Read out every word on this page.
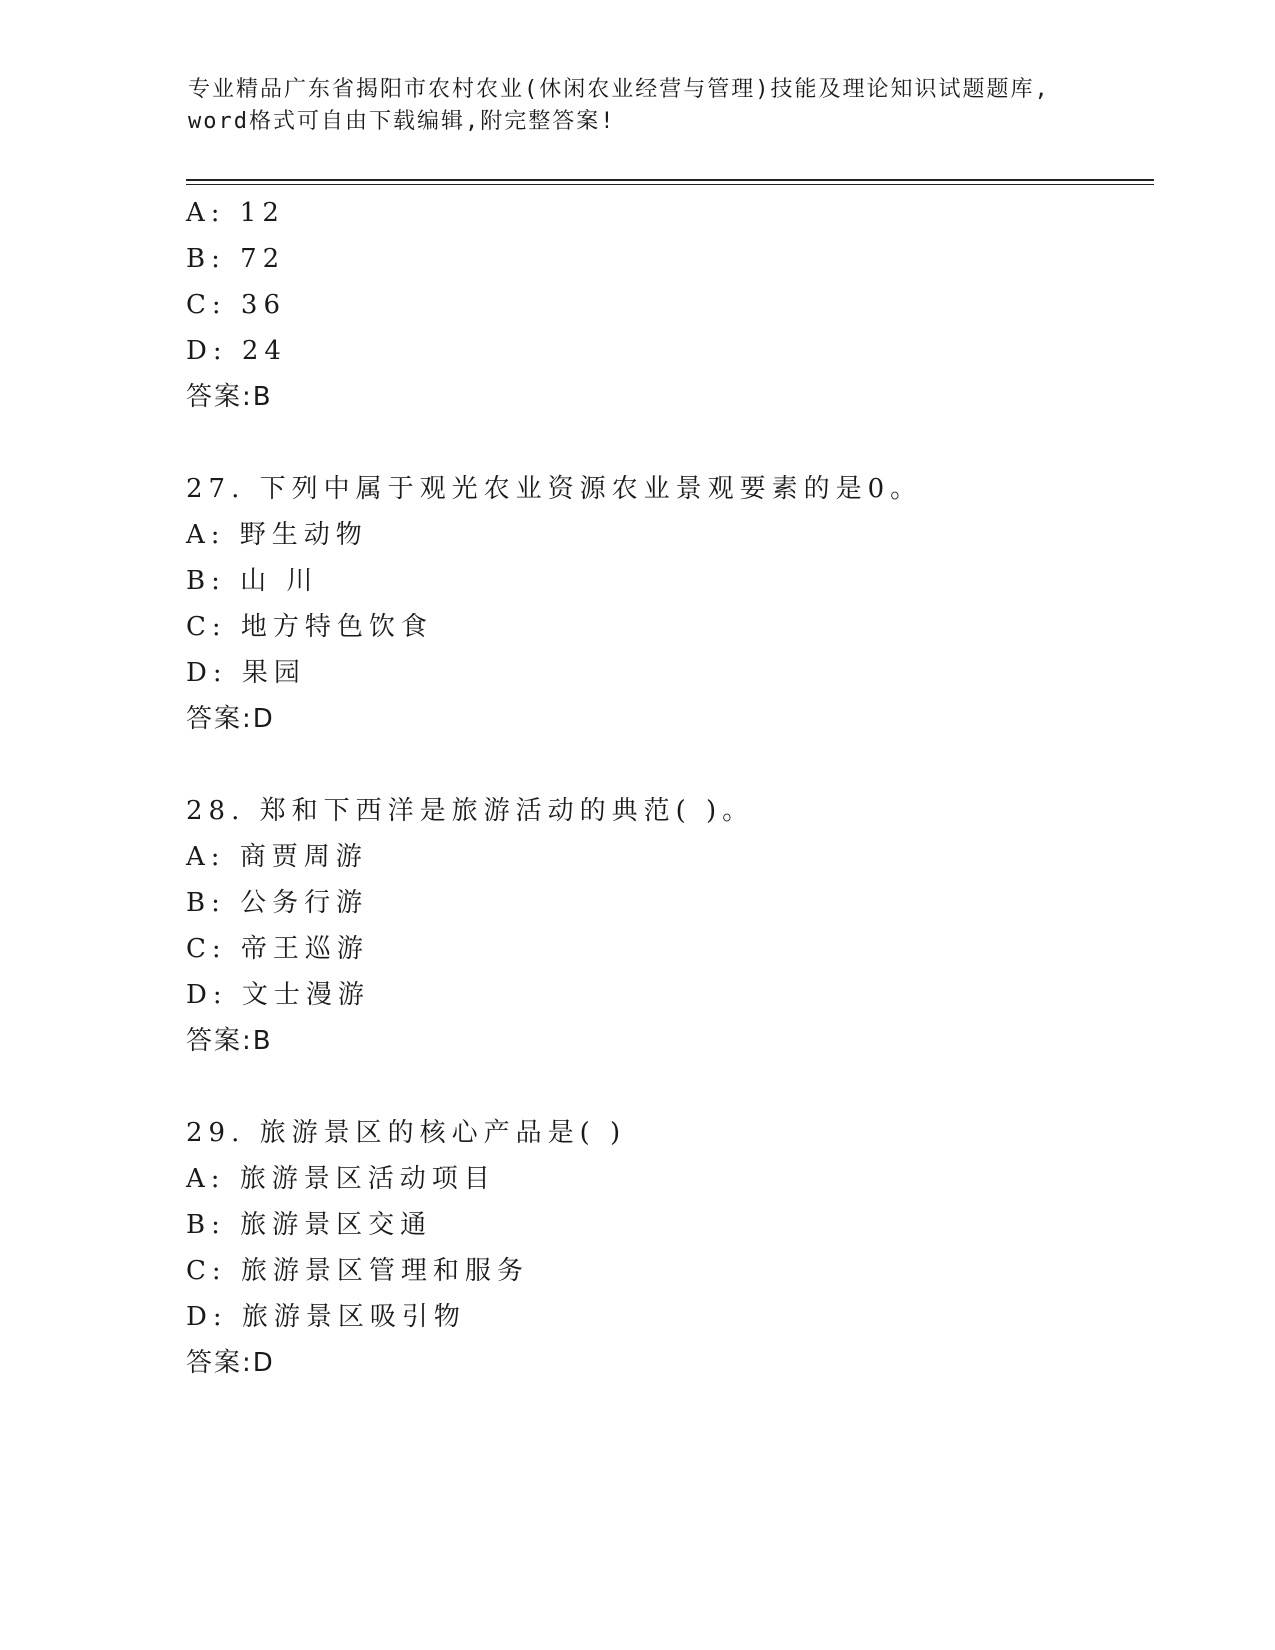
专业精品广东省揭阳市农村农业(休闲农业经营与管理)技能及理论知识试题题库,
word格式可自由下载编辑,附完整答案!
A: 12
B: 72
C: 36
D: 24
答案:B
27. 下列中属于观光农业资源农业景观要素的是0。
A: 野生动物
B: 山 川
C: 地方特色饮食
D: 果园
答案:D
28. 郑和下西洋是旅游活动的典范( )。
A: 商贾周游
B: 公务行游
C: 帝王巡游
D: 文士漫游
答案:B
29. 旅游景区的核心产品是( )
A: 旅游景区活动项目
B: 旅游景区交通
C: 旅游景区管理和服务
D: 旅游景区吸引物
答案:D
